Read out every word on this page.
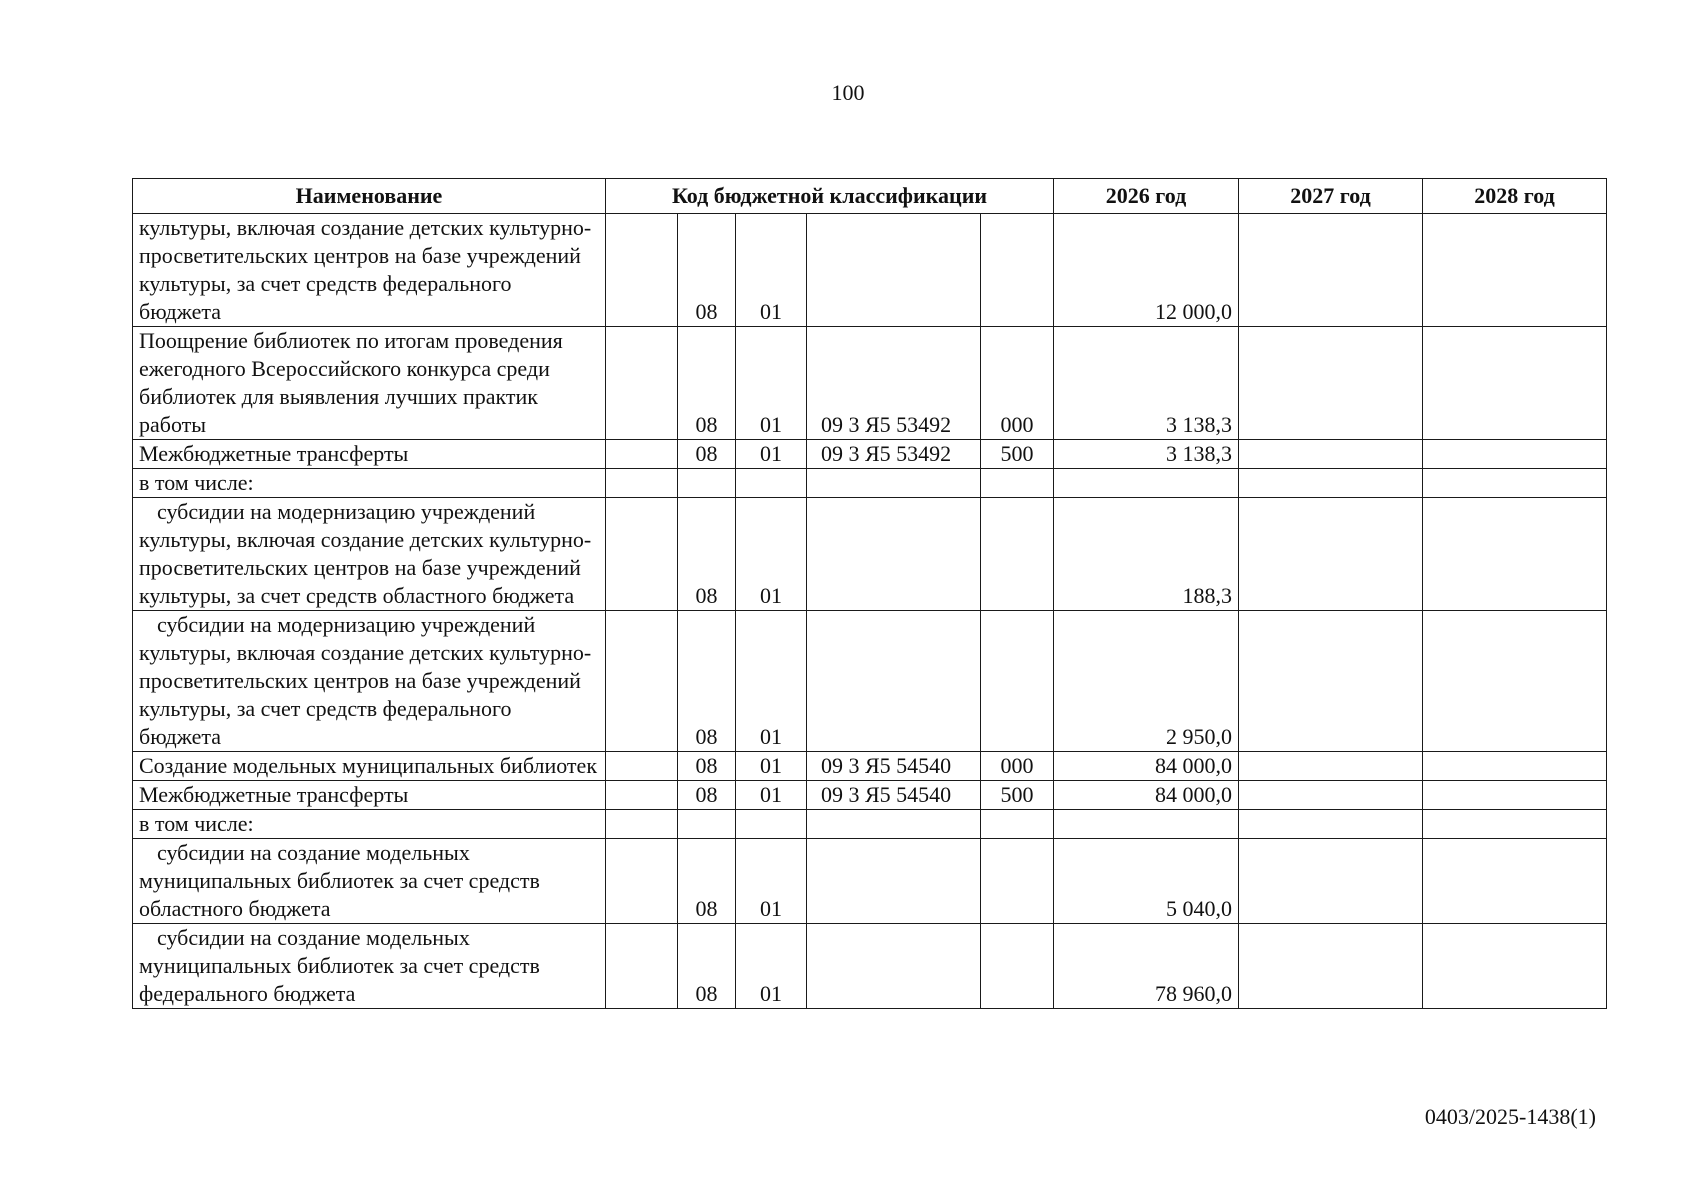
100
Наименование	Код бюджетной классификации					2026 год	2027 год	2028 год
культуры, включая создание детских культурно-просветительских центров на базе учреждений культуры, за счет средств федерального бюджета		08	01			12 000,0		
Поощрение библиотек по итогам проведения ежегодного Всероссийского конкурса среди библиотек для выявления лучших практик работы		08	01	09 3 Я5 53492	000	3 138,3		
Межбюджетные трансферты		08	01	09 3 Я5 53492	500	3 138,3		
в том числе:								
субсидии на модернизацию учреждений культуры, включая создание детских культурно-просветительских центров на базе учреждений культуры, за счет средств областного бюджета		08	01			188,3		
субсидии на модернизацию учреждений культуры, включая создание детских культурно-просветительских центров на базе учреждений культуры, за счет средств федерального бюджета		08	01			2 950,0		
Создание модельных муниципальных библиотек		08	01	09 3 Я5 54540	000	84 000,0		
Межбюджетные трансферты		08	01	09 3 Я5 54540	500	84 000,0		
в том числе:								
субсидии на создание модельных муниципальных библиотек за счет средств областного бюджета		08	01			5 040,0		
субсидии на создание модельных муниципальных библиотек за счет средств федерального бюджета		08	01			78 960,0		
0403/2025-1438(1)
